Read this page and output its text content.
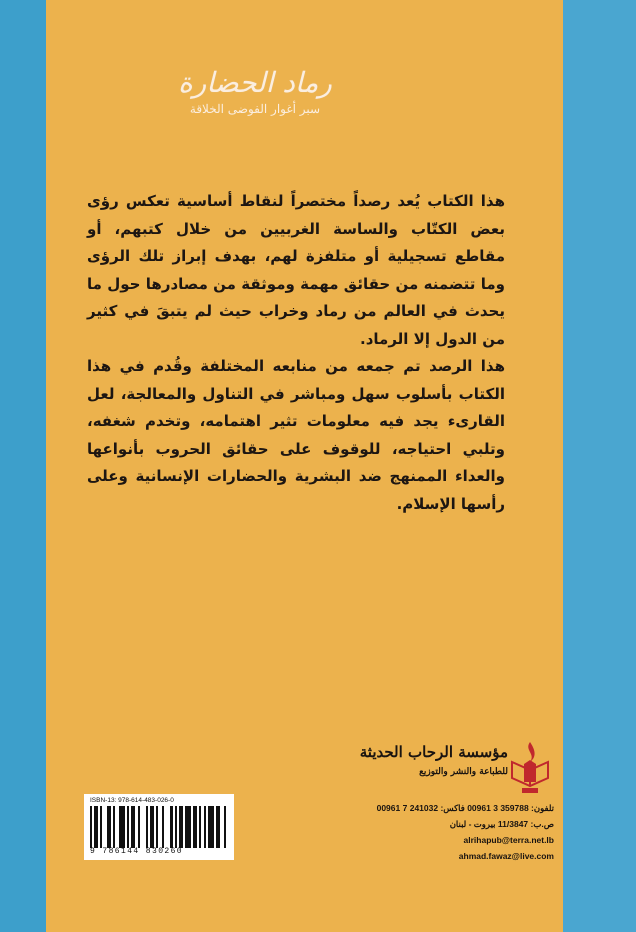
رماد الحضارة
سبر أغوار الفوضى الخلاقة

هذا الكتاب يُعد رصداً مختصراً لنقاط أساسية تعكس رؤى بعض الكتّاب والساسة الغربيين من خلال كتبهم، أو مقاطع تسجيلية أو متلفزة لهم، بهدف إبراز تلك الرؤى وما تتضمنه من حقائق مهمة وموثقة من مصادرها حول ما يحدث في العالم من رماد وخراب حيث لم يتبقَ في كثير من الدول إلا الرماد.

هذا الرصد تم جمعه من منابعه المختلفة وقُدم في هذا الكتاب بأسلوب سهل ومباشر في التناول والمعالجة، لعل القارىء يجد فيه معلومات تثير اهتمامه، وتخدم شغفه، وتلبي احتياجه، للوقوف على حقائق الحروب بأنواعها والعداء الممنهج ضد البشرية والحضارات الإنسانية وعلى رأسها الإسلام.

مؤسسة الرحاب الحديثة
للطباعة والنشر والتوزيع
تلفون: 359788 3 00961 فاكس: 241032 7 00961
ص.ب: 11/3847 بيروت - لبنان
alrihapub@terra.net.lb
ahmad.fawaz@live.com
ISBN-13: 978-614-483-026-0
9 786144 830260
